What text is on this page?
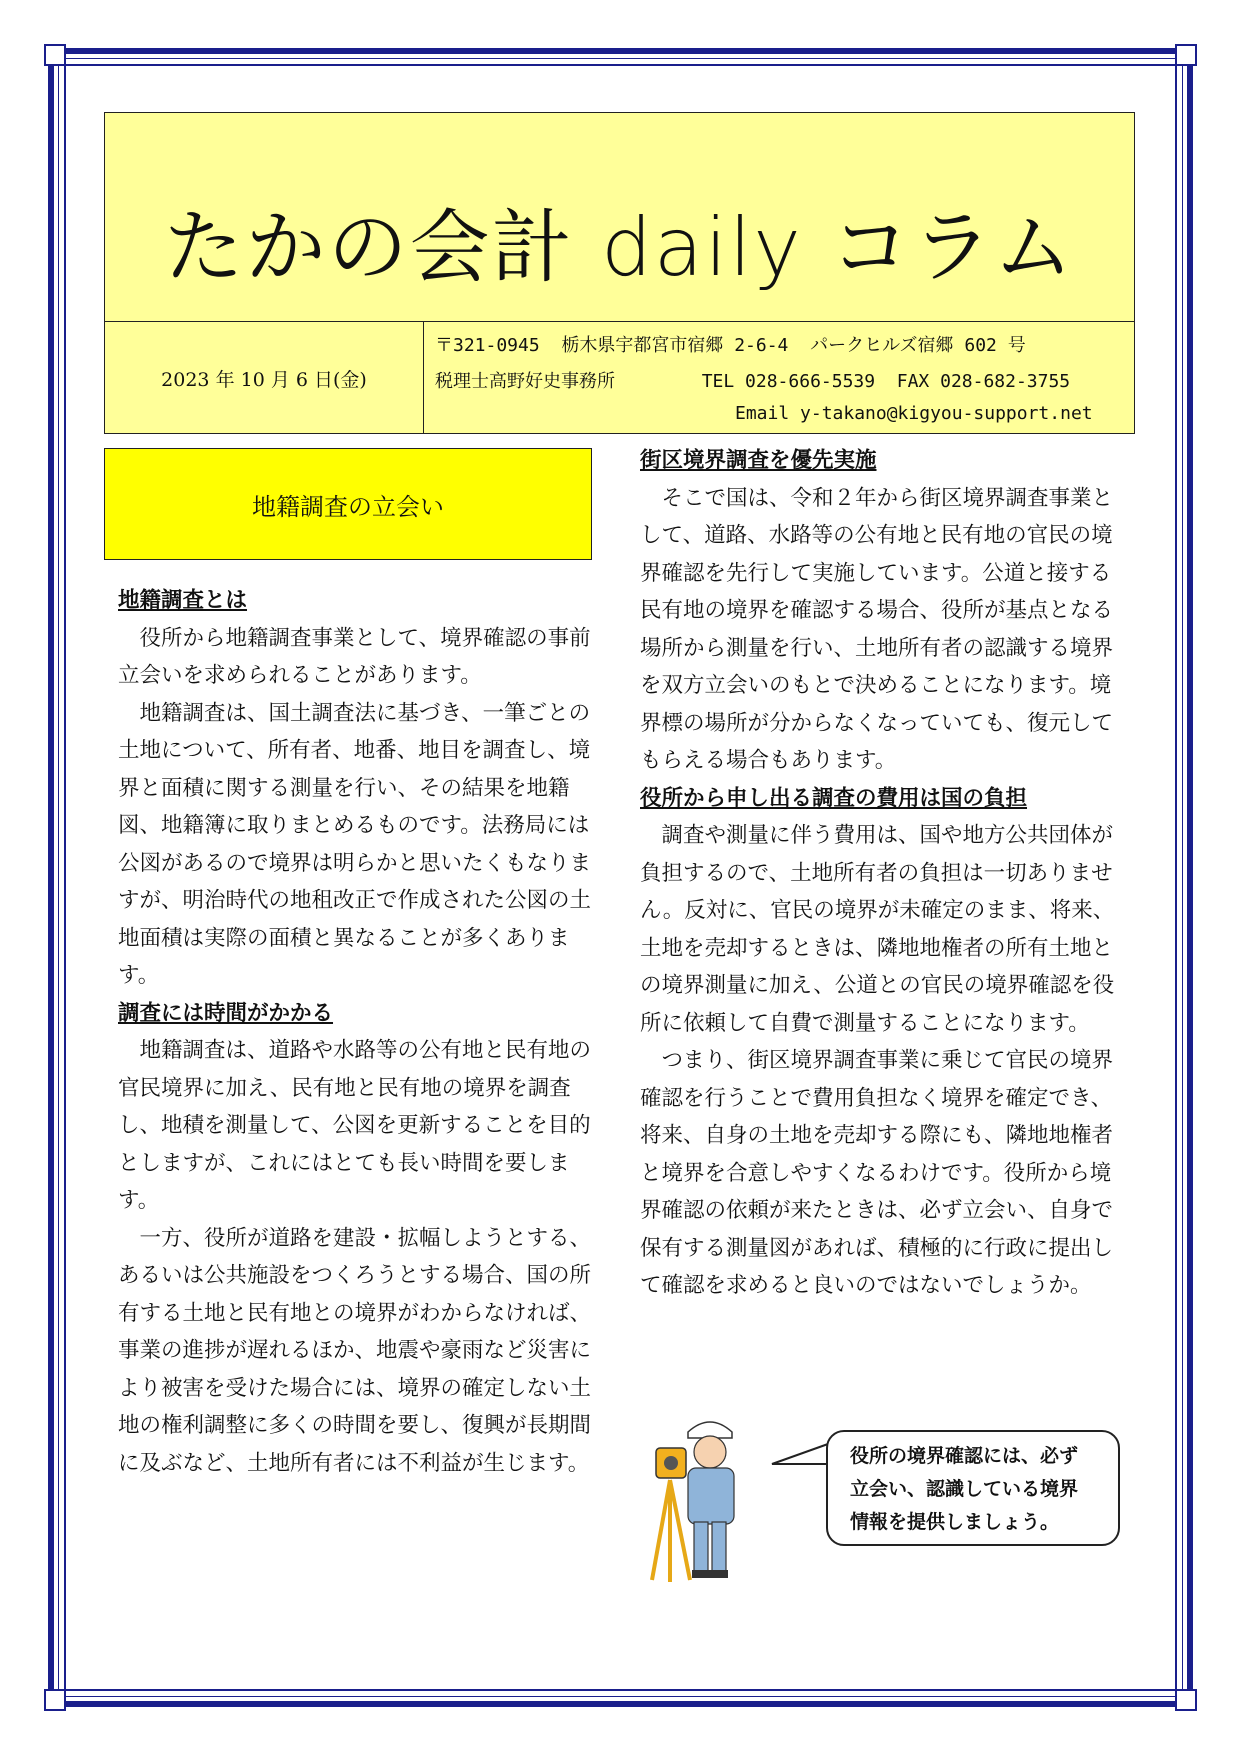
たかの会計 daily コラム
2023 年 10 月 6 日(金)
〒321-0945  栃木県宇都宮市宿郷 2-6-4  パークヒルズ宿郷 602 号
税理士高野好史事務所        TEL 028-666-5539  FAX 028-682-3755
Email y-takano@kigyou-support.net
地籍調査の立会い

地籍調査とは

役所から地籍調査事業として、境界確認の事前立会いを求められることがあります。

地籍調査は、国土調査法に基づき、一筆ごとの土地について、所有者、地番、地目を調査し、境界と面積に関する測量を行い、その結果を地籍図、地籍簿に取りまとめるものです。法務局には公図があるので境界は明らかと思いたくもなりますが、明治時代の地租改正で作成された公図の土地面積は実際の面積と異なることが多くあります。

調査には時間がかかる

地籍調査は、道路や水路等の公有地と民有地の官民境界に加え、民有地と民有地の境界を調査し、地積を測量して、公図を更新することを目的としますが、これにはとても長い時間を要します。

一方、役所が道路を建設・拡幅しようとする、あるいは公共施設をつくろうとする場合、国の所有する土地と民有地との境界がわからなければ、事業の進捗が遅れるほか、地震や豪雨など災害により被害を受けた場合には、境界の確定しない土地の権利調整に多くの時間を要し、復興が長期間に及ぶなど、土地所有者には不利益が生じます。

街区境界調査を優先実施

そこで国は、令和２年から街区境界調査事業として、道路、水路等の公有地と民有地の官民の境界確認を先行して実施しています。公道と接する民有地の境界を確認する場合、役所が基点となる場所から測量を行い、土地所有者の認識する境界を双方立会いのもとで決めることになります。境界標の場所が分からなくなっていても、復元してもらえる場合もあります。

役所から申し出る調査の費用は国の負担

調査や測量に伴う費用は、国や地方公共団体が負担するので、土地所有者の負担は一切ありません。反対に、官民の境界が未確定のまま、将来、土地を売却するときは、隣地地権者の所有土地との境界測量に加え、公道との官民の境界確認を役所に依頼して自費で測量することになります。

つまり、街区境界調査事業に乗じて官民の境界確認を行うことで費用負担なく境界を確定でき、将来、自身の土地を売却する際にも、隣地地権者と境界を合意しやすくなるわけです。役所から境界確認の依頼が来たときは、必ず立会い、自身で保有する測量図があれば、積極的に行政に提出して確認を求めると良いのではないでしょうか。

役所の境界確認には、必ず
立会い、認識している境界
情報を提供しましょう。
